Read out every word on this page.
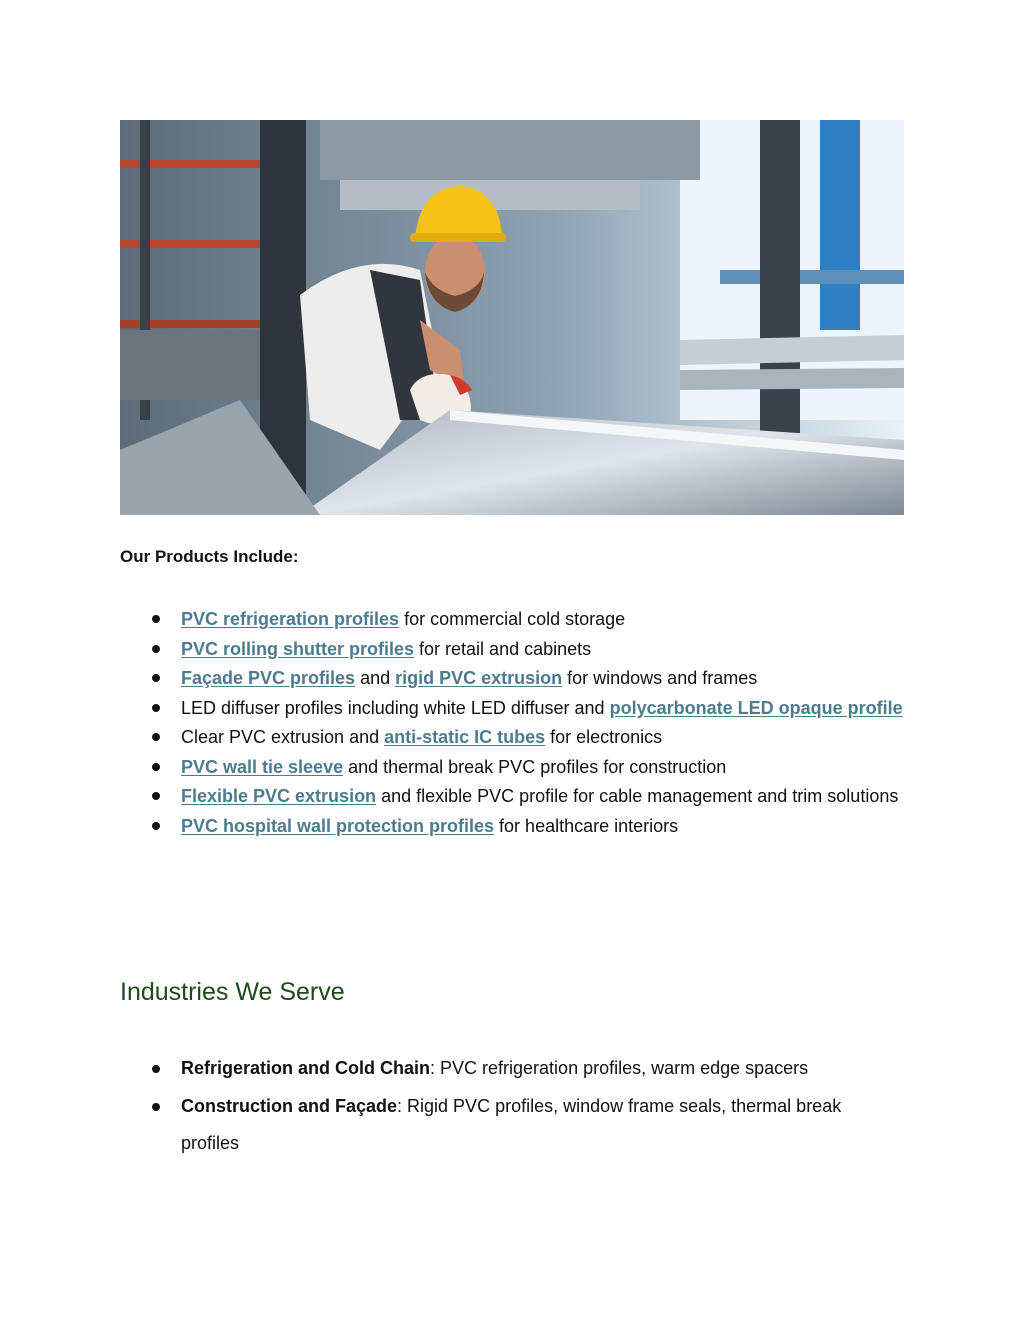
Our Products Include:

PVC refrigeration profiles for commercial cold storage
PVC rolling shutter profiles for retail and cabinets
Façade PVC profiles and rigid PVC extrusion for windows and frames
LED diffuser profiles including white LED diffuser and polycarbonate LED opaque profile
Clear PVC extrusion and anti-static IC tubes for electronics
PVC wall tie sleeve and thermal break PVC profiles for construction
Flexible PVC extrusion and flexible PVC profile for cable management and trim solutions
PVC hospital wall protection profiles for healthcare interiors
Industries We Serve
Refrigeration and Cold Chain: PVC refrigeration profiles, warm edge spacers
Construction and Façade: Rigid PVC profiles, window frame seals, thermal break profiles
